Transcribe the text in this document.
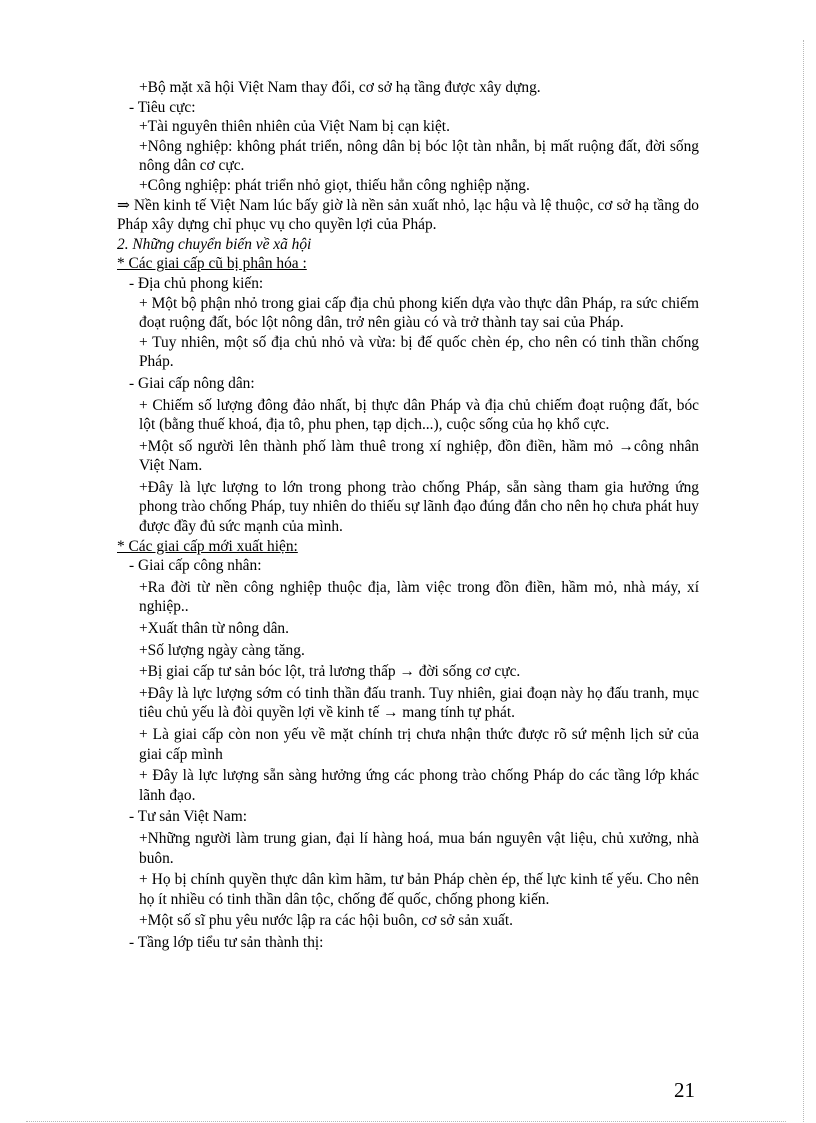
+Bộ mặt xã hội Việt Nam thay đổi, cơ sở hạ tầng được xây dựng.

- Tiêu cực:

+Tài nguyên thiên nhiên của Việt Nam bị cạn kiệt.

+Nông nghiệp: không phát triển, nông dân bị bóc lột tàn nhẫn, bị mất ruộng đất, đời sống nông dân cơ cực.

+Công nghiệp: phát triển nhỏ giọt, thiếu hẳn công nghiệp nặng.

⇒ Nền kinh tế Việt Nam lúc bấy giờ là nền sản xuất nhỏ, lạc hậu và lệ thuộc, cơ sở hạ tầng do Pháp xây dựng chỉ phục vụ cho quyền lợi của Pháp.

2. Những chuyển biến về xã hội

* Các giai cấp cũ bị phân hóa :

- Địa chủ phong kiến:

+ Một bộ phận nhỏ trong giai cấp địa chủ phong kiến dựa vào thực dân Pháp, ra sức chiếm đoạt ruộng đất, bóc lột nông dân, trở nên giàu có và trở thành tay sai của Pháp.

+ Tuy nhiên, một số địa chủ nhỏ và vừa: bị đế quốc chèn ép, cho nên có tinh thần chống Pháp.

- Giai cấp nông dân:

+ Chiếm số lượng đông đảo nhất, bị thực dân Pháp và địa chủ chiếm đoạt ruộng đất, bóc lột (bằng thuế khoá, địa tô, phu phen, tạp dịch...), cuộc sống của họ khổ cực.

+Một số người lên thành phố làm thuê trong xí nghiệp, đồn điền, hầm mỏ →công nhân Việt Nam.

+Đây là lực lượng to lớn trong phong trào chống Pháp, sẵn sàng tham gia hưởng ứng phong trào chống Pháp, tuy nhiên do thiếu sự lãnh đạo đúng đắn cho nên họ chưa phát huy được đầy đủ sức mạnh của mình.

* Các giai cấp mới xuất hiện:

- Giai cấp công nhân:

+Ra đời từ nền công nghiệp thuộc địa, làm việc trong đồn điền, hầm mỏ, nhà máy, xí nghiệp..

+Xuất thân từ nông dân.

+Số lượng ngày càng tăng.

+Bị giai cấp tư sản bóc lột, trả lương thấp → đời sống cơ cực.

+Đây là lực lượng sớm có tinh thần đấu tranh. Tuy nhiên, giai đoạn này họ đấu tranh, mục tiêu chủ yếu là đòi quyền lợi về kinh tế → mang tính tự phát.

+ Là giai cấp còn non yếu về mặt chính trị chưa nhận thức được rõ sứ mệnh lịch sử của giai cấp mình

+ Đây là lực lượng sẵn sàng hưởng ứng các phong trào chống Pháp do các tầng lớp khác lãnh đạo.

- Tư sản Việt Nam:

+Những người làm trung gian, đại lí hàng hoá, mua bán nguyên vật liệu, chủ xưởng, nhà buôn.

+ Họ bị chính quyền thực dân kìm hãm, tư bản Pháp chèn ép, thế lực kinh tế yếu. Cho nên họ ít nhiều có tinh thần dân tộc, chống đế quốc, chống phong kiến.

+Một số sĩ phu yêu nước lập ra các hội buôn, cơ sở sản xuất.

- Tầng lớp tiểu tư sản thành thị:

21
